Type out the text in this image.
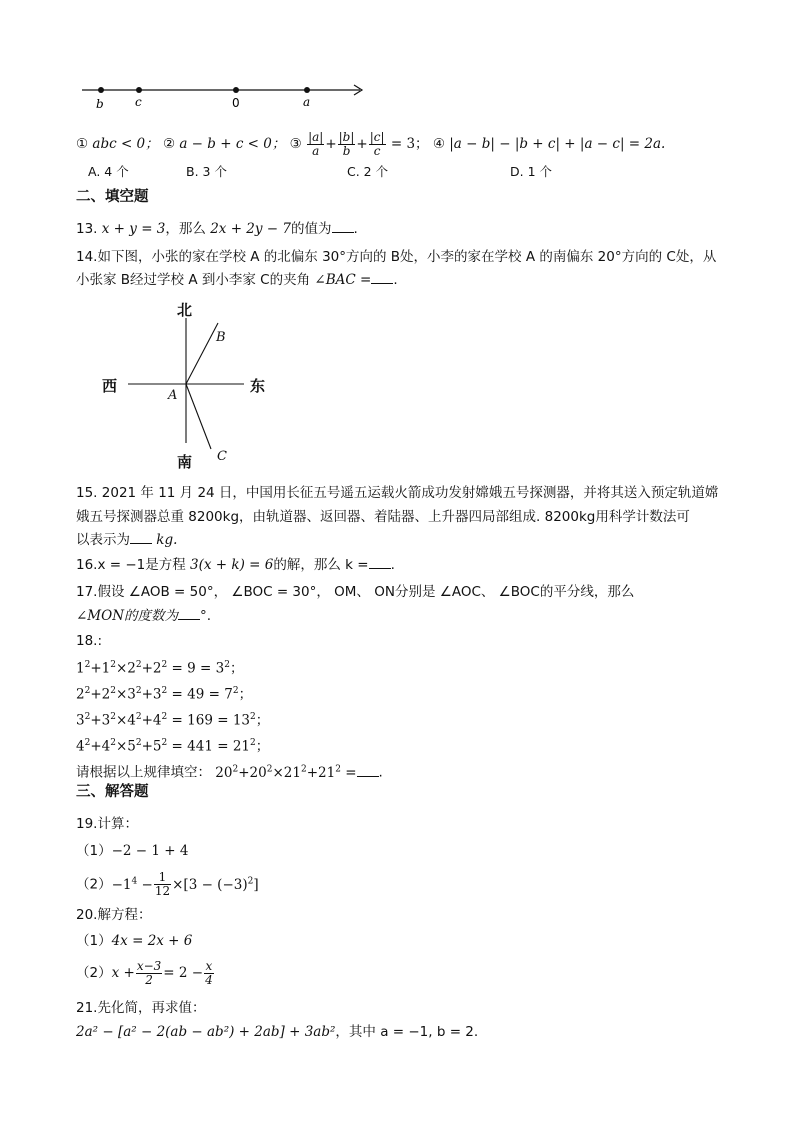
b	c	0	a
① abc < 0； ② a − b + c < 0； ③ $\frac{|a|}{a} + \frac{|b|}{b} + \frac{|c|}{c} = 3$； ④ |a − b| − |b + c| + |a − c| = 2a.
A. 4 个	B. 3 个	C. 2 个	D. 1 个
二、填空题
13. x + y = 3，那么 2x + 2y − 7的值为 .
14.如下图，小张的家在学校 A 的北偏东 30°方向的 B处，小李的家在学校 A 的南偏东 20°方向的 C处，从
小张家 B经过学校 A 到小李家 C的夹角 ∠BAC = .
北
南
西	东
A
B
C
15. 2021 年 11 月 24 日，中国用长征五号遥五运载火箭成功发射嫦娥五号探测器，并将其送入预定轨道嫦
娥五号探测器总重 8200kg，由轨道器、返回器、着陆器、上升器四局部组成. 8200kg用科学计数法可
以表示为 kg.
16.x = −1是方程 3(x + k) = 6的解，那么 k = .
17.假设 ∠AOB = 50°， ∠BOC = 30°， OM、 ON分别是 ∠AOC、 ∠BOC的平分线，那么
∠MON的度数为 °.
18.:
$1^2+1^2\times 2^2+2^2 = 9 = 3^2$；
$2^2+2^2\times 3^2+3^2 = 49 = 7^2$；
$3^2+3^2\times 4^2+4^2 = 169 = 13^2$；
$4^2+4^2\times 5^2+5^2 = 441 = 21^2$；
请根据以上规律填空： $20^2+20^2\times 21^2+21^2$ = .
三、解答题
19.计算：
（1）−2 − 1 + 4
$(2)-1^4 - \frac{1}{12} \times[3 - (-3)^2]$
20.解方程：
（1）4x = 2x + 6
$(2)x + \frac{x-3}{2} = 2 - \frac{x}{4}$
21.先化简，再求值：
2a² − [a² − 2(ab − ab²) + 2ab] + 3ab²，其中 a = −1, b = 2.
